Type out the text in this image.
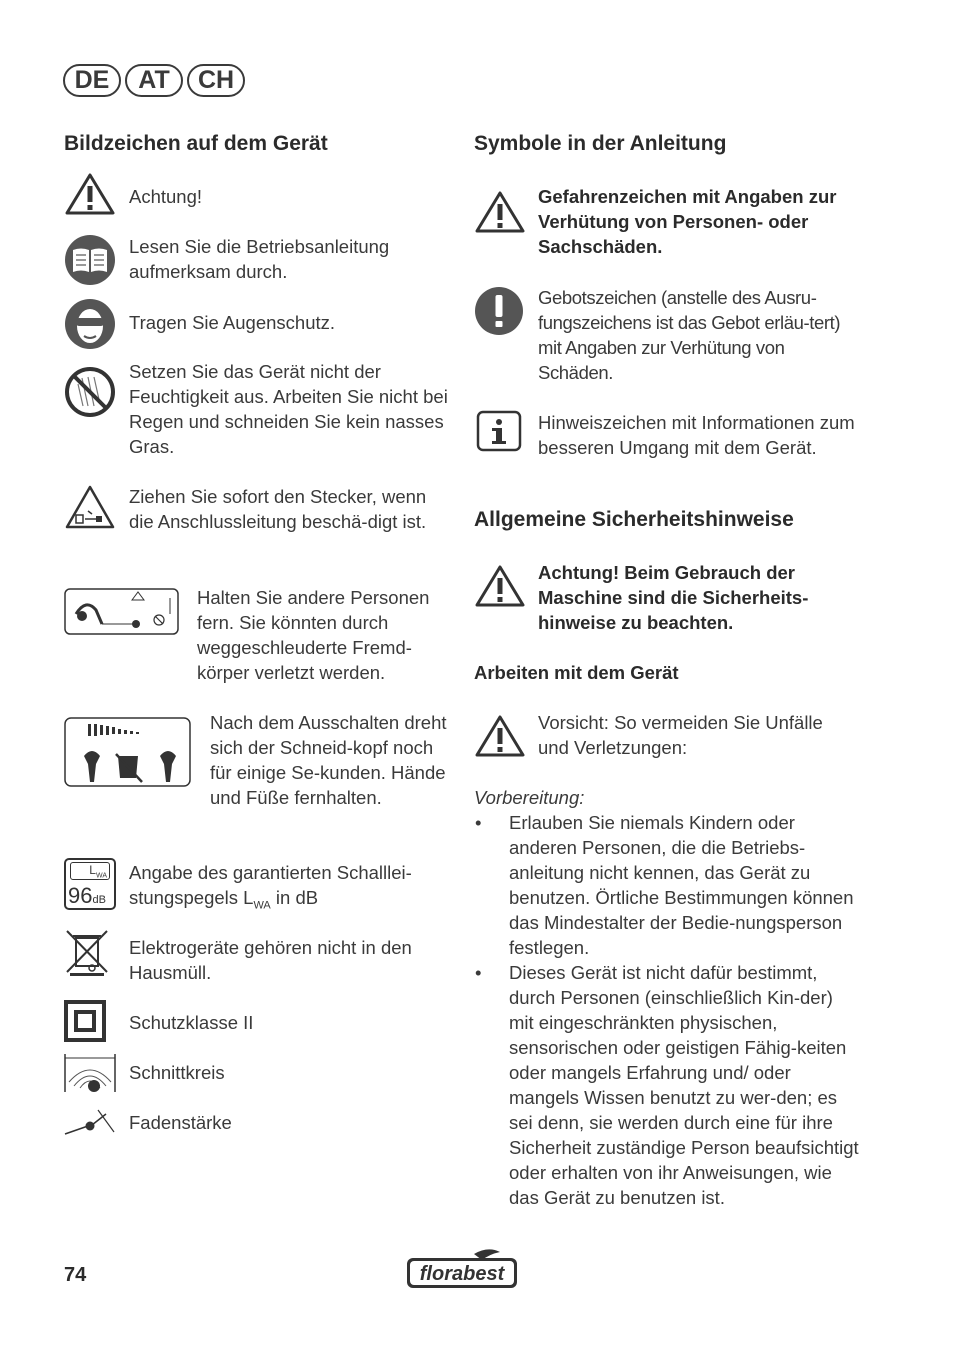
DE	AT	CH
Bildzeichen auf dem Gerät

Achtung!

Lesen Sie die Betriebsanleitung aufmerksam durch.

Tragen Sie Augenschutz.

Setzen Sie das Gerät nicht der Feuchtigkeit aus. Arbeiten Sie nicht bei Regen und schneiden Sie kein nasses Gras.

Ziehen Sie sofort den Stecker, wenn die Anschlussleitung beschä-digt ist.

Halten Sie andere Personen fern. Sie könnten durch weggeschleuderte Fremd-körper verletzt werden.

Nach dem Ausschalten dreht sich der Schneid-kopf noch für einige Se-kunden. Hände und Füße fernhalten.

$L_{WA}$
96dB

Angabe des garantierten Schalllei-stungspegels $L_{WA}$ in dB

Elektrogeräte gehören nicht in den Hausmüll.

Schutzklasse II

Schnittkreis

Fadenstärke

Symbole in der Anleitung

Gefahrenzeichen mit Angaben zur Verhütung von Personen- oder Sachschäden.

Gebotszeichen (anstelle des Ausru-fungszeichens ist das Gebot erläu-tert) mit Angaben zur Verhütung von Schäden.

Hinweiszeichen mit Informationen zum besseren Umgang mit dem Gerät.

Allgemeine Sicherheitshinweise

Achtung! Beim Gebrauch der Maschine sind die Sicherheits-hinweise zu beachten.

Arbeiten mit dem Gerät

Vorsicht: So vermeiden Sie Unfälle und Verletzungen:

Vorbereitung:

• Erlauben Sie niemals Kindern oder anderen Personen, die die Betriebs-anleitung nicht kennen, das Gerät zu benutzen. Örtliche Bestimmungen können das Mindestalter der Bedie-nungsperson festlegen.

• Dieses Gerät ist nicht dafür bestimmt, durch Personen (einschließlich Kin-der) mit eingeschränkten physischen, sensorischen oder geistigen Fähig-keiten oder mangels Erfahrung und/ oder mangels Wissen benutzt zu wer-den; es sei denn, sie werden durch eine für ihre Sicherheit zuständige Person beaufsichtigt oder erhalten von ihr Anweisungen, wie das Gerät zu benutzen ist.

74	florabest
